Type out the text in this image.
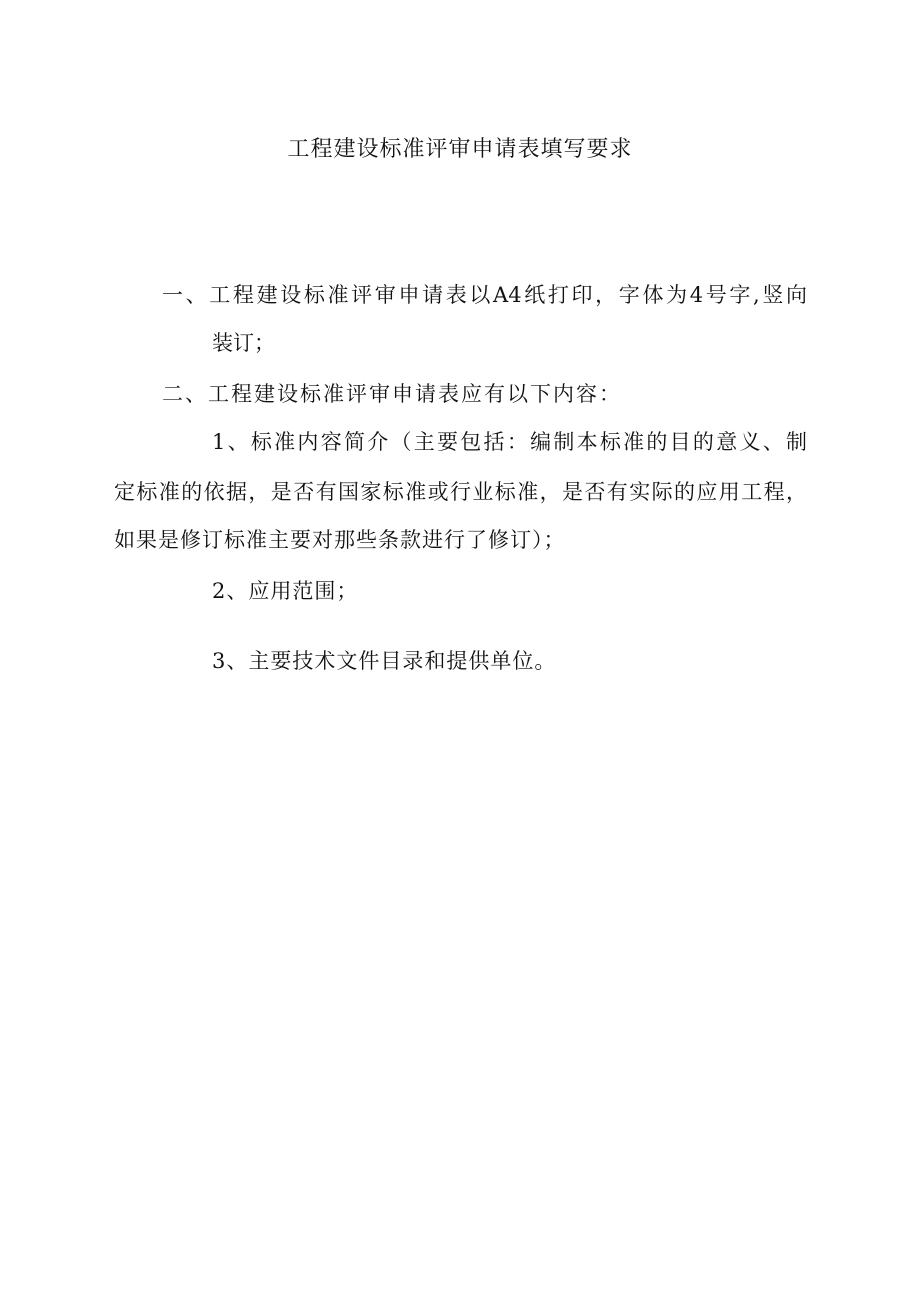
工程建设标准评审申请表填写要求
一、工程建设标准评审申请表以A4纸打印，字体为4号字,竖向
装订；
二、工程建设标准评审申请表应有以下内容：
1、标准内容简介（主要包括：编制本标准的目的意义、制
定标准的依据，是否有国家标准或行业标准，是否有实际的应用工程，
如果是修订标准主要对那些条款进行了修订）；
2、应用范围；
3、主要技术文件目录和提供单位。
